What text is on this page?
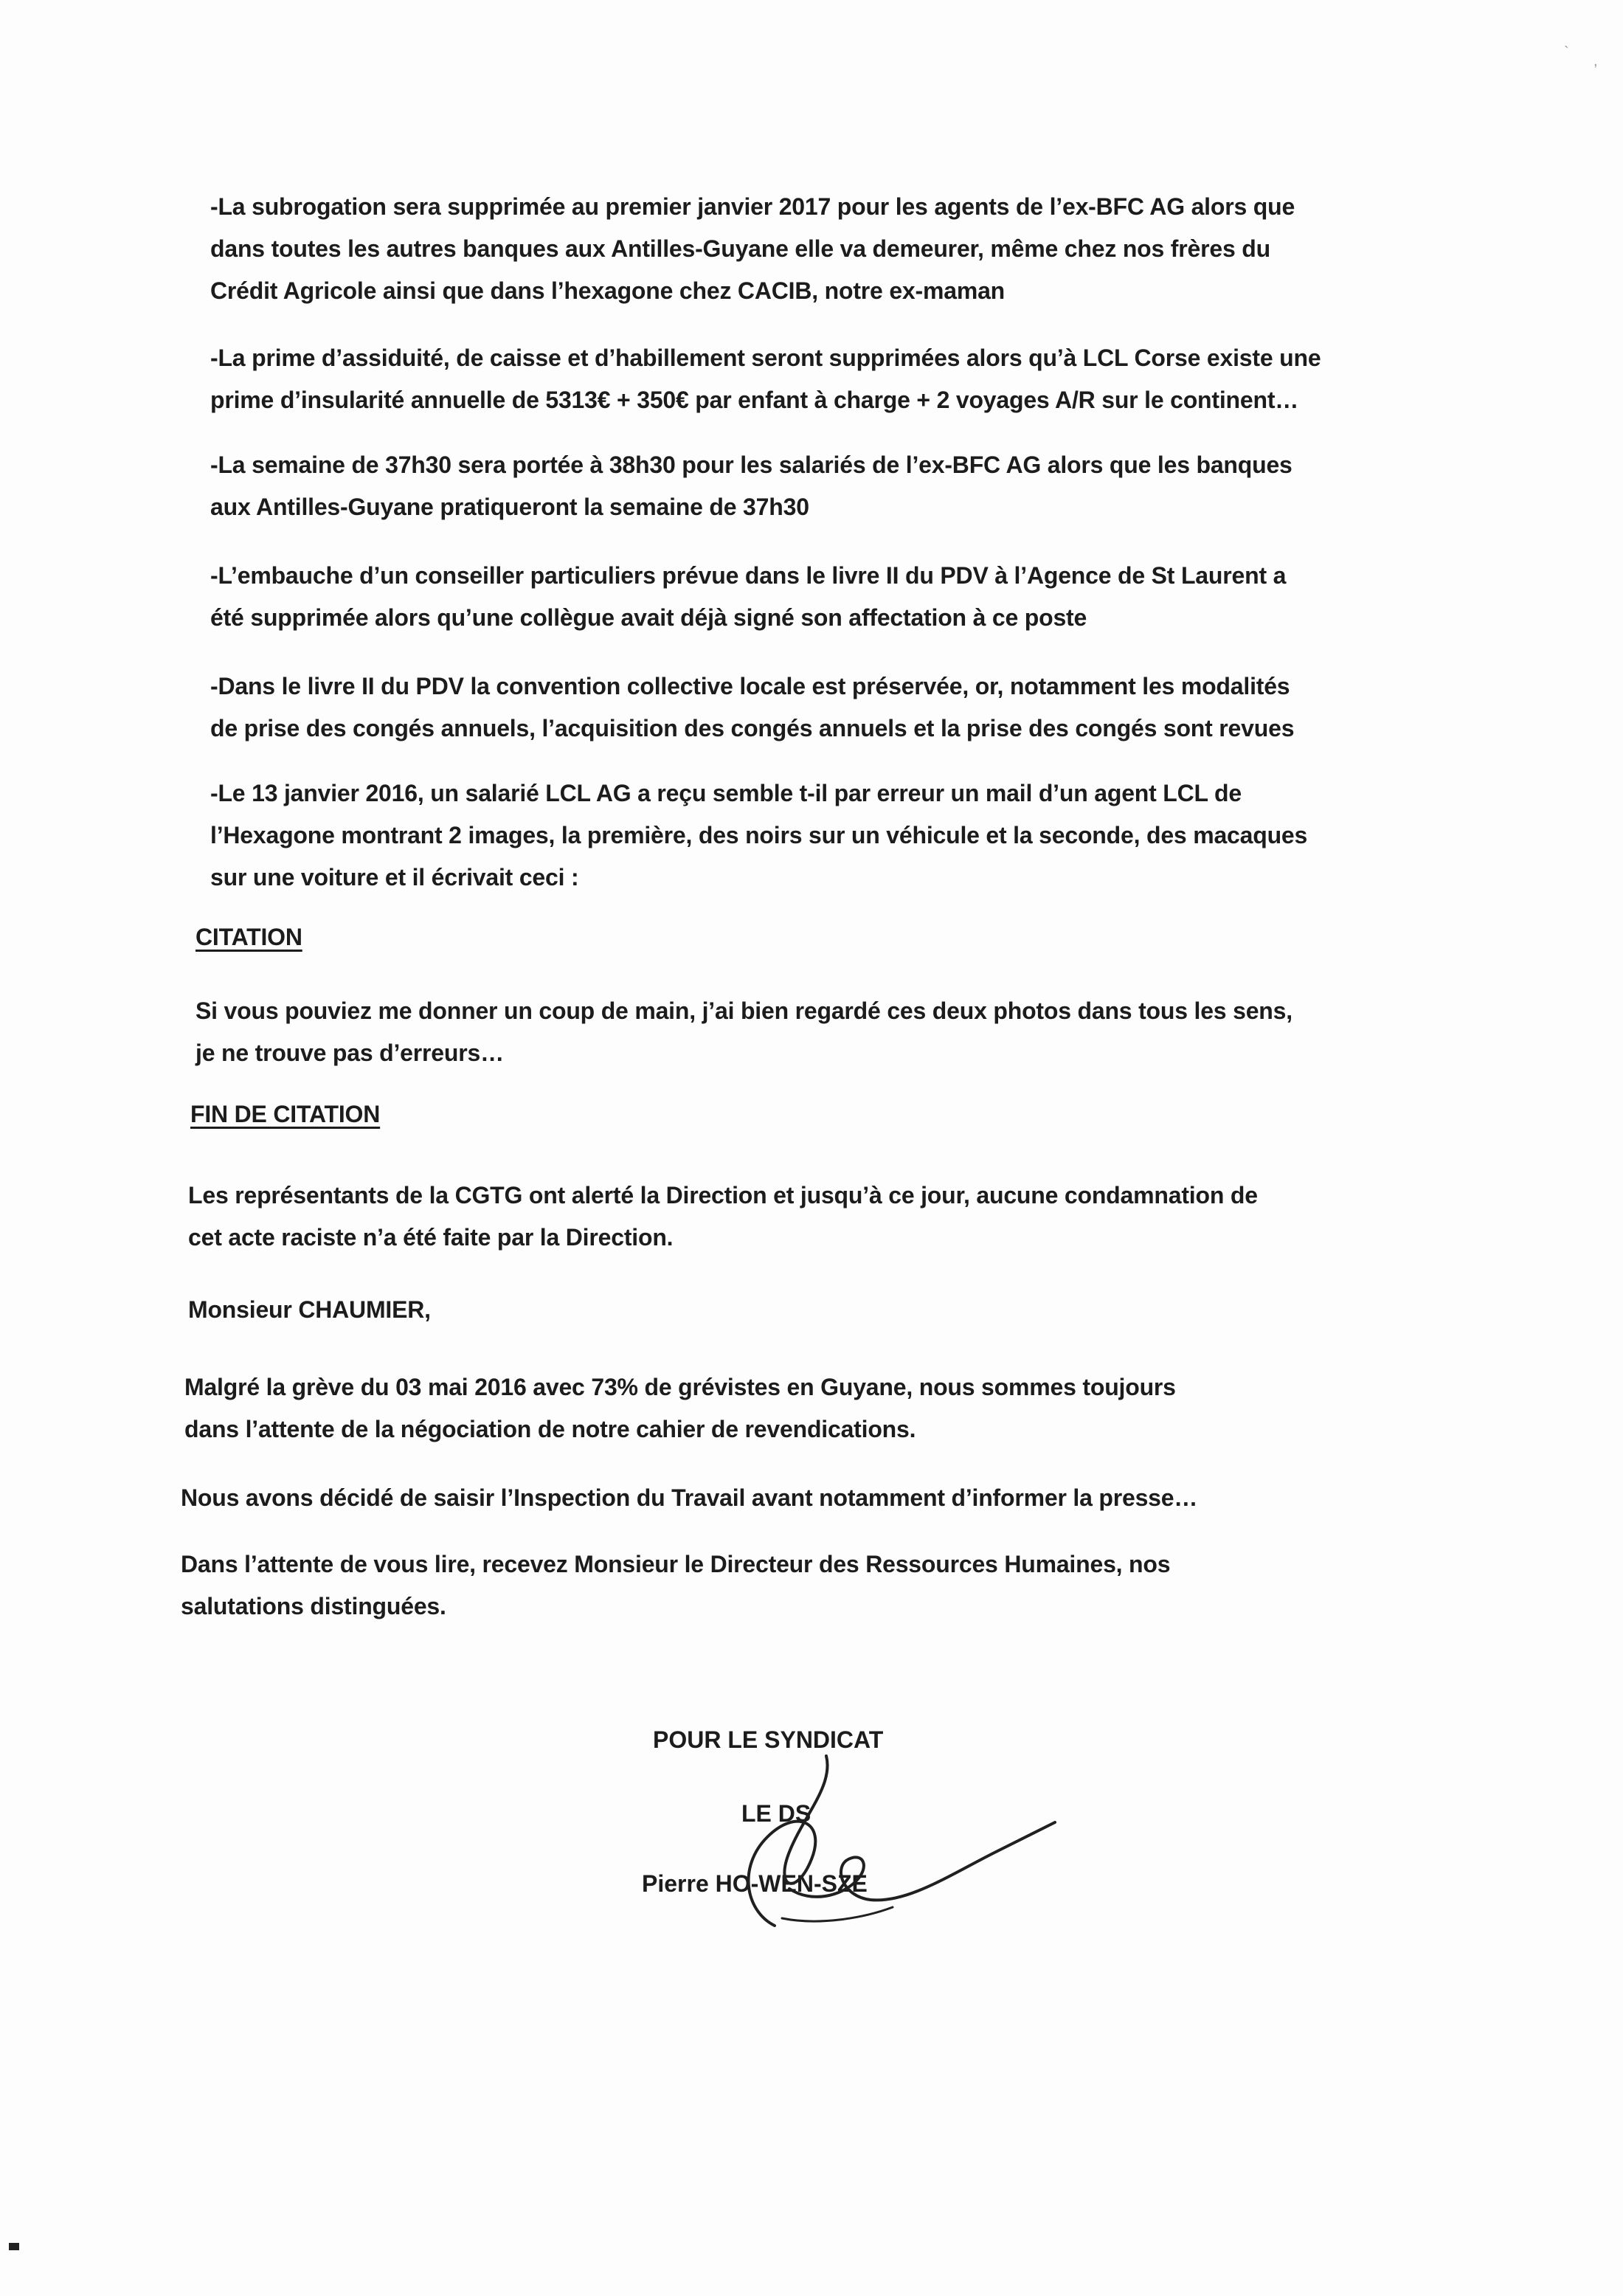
`
,
-La subrogation sera supprimée au premier janvier 2017 pour les agents de l’ex-BFC AG alors que
dans toutes les autres banques aux Antilles-Guyane elle va demeurer, même chez nos frères du
Crédit Agricole ainsi que dans l’hexagone chez CACIB, notre ex-maman
-La prime d’assiduité, de caisse et d’habillement seront supprimées alors qu’à LCL Corse existe une
prime d’insularité annuelle de 5313€ + 350€ par enfant à charge + 2 voyages A/R sur le continent…
-La semaine de 37h30 sera portée à 38h30 pour les salariés de l’ex-BFC AG alors que les banques
aux Antilles-Guyane pratiqueront la semaine de 37h30
-L’embauche d’un conseiller particuliers prévue dans le livre II du PDV à l’Agence de St Laurent a
été supprimée alors qu’une collègue avait déjà signé son affectation à ce poste
-Dans le livre II du PDV la convention collective locale est préservée, or, notamment les modalités
de prise des congés annuels, l’acquisition des congés annuels et la prise des congés sont revues
-Le 13 janvier 2016, un salarié LCL AG a reçu semble t-il par erreur un mail d’un agent LCL de
l’Hexagone montrant 2 images, la première, des noirs sur un véhicule et la seconde, des macaques
sur une voiture et il écrivait ceci :
CITATION
Si vous pouviez me donner un coup de main, j’ai bien regardé ces deux photos dans tous les sens,
je ne trouve pas d’erreurs…
FIN DE CITATION
Les représentants de la CGTG ont alerté la Direction et jusqu’à ce jour, aucune condamnation de
cet acte raciste n’a été faite par la Direction.
Monsieur CHAUMIER,
Malgré la grève du 03 mai 2016 avec 73% de grévistes en Guyane, nous sommes toujours
dans l’attente de la négociation de notre cahier de revendications.
Nous avons décidé de saisir l’Inspection du Travail avant notamment d’informer la presse…
Dans l’attente de vous lire, recevez Monsieur le Directeur des Ressources Humaines, nos
salutations distinguées.
POUR LE SYNDICAT
LE DS
Pierre HO-WEN-SZE
